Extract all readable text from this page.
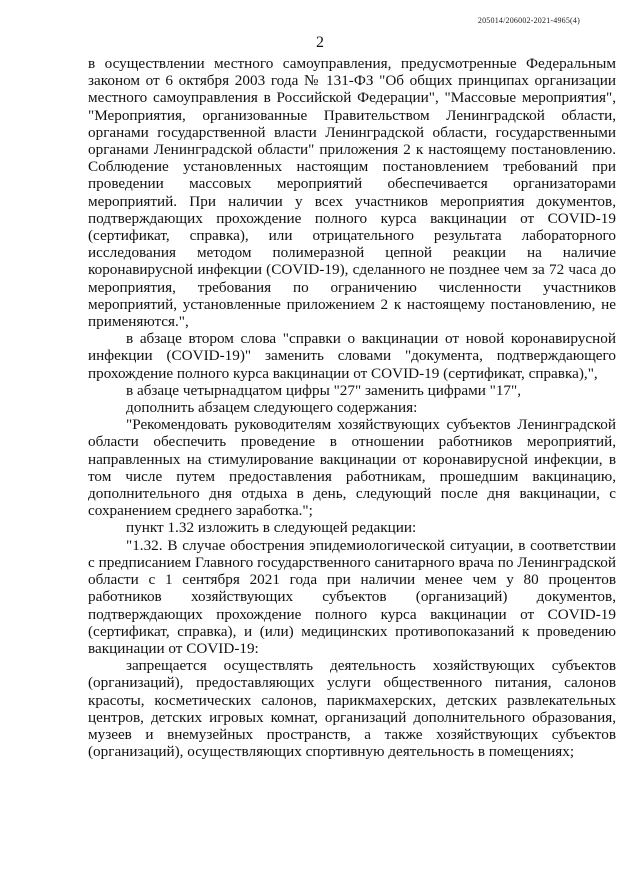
205014/206002-2021-4965(4)
2

в осуществлении местного самоуправления, предусмотренные Федеральным законом от 6 октября 2003 года № 131-ФЗ "Об общих принципах организации местного самоуправления в Российской Федерации", "Массовые мероприятия", "Мероприятия, организованные Правительством Ленинградской области, органами государственной власти Ленинградской области, государственными органами Ленинградской области" приложения 2 к настоящему постановлению. Соблюдение установленных настоящим постановлением требований при проведении массовых мероприятий обеспечивается организаторами мероприятий. При наличии у всех участников мероприятия документов, подтверждающих прохождение полного курса вакцинации от COVID-19 (сертификат, справка), или отрицательного результата лабораторного исследования методом полимеразной цепной реакции на наличие коронавирусной инфекции (COVID-19), сделанного не позднее чем за 72 часа до мероприятия, требования по ограничению численности участников мероприятий, установленные приложением 2 к настоящему постановлению, не применяются.",

в абзаце втором слова "справки о вакцинации от новой коронавирусной инфекции (COVID-19)" заменить словами "документа, подтверждающего прохождение полного курса вакцинации от COVID-19 (сертификат, справка),",

в абзаце четырнадцатом цифры "27" заменить цифрами "17",

дополнить абзацем следующего содержания:

"Рекомендовать руководителям хозяйствующих субъектов Ленинградской области обеспечить проведение в отношении работников мероприятий, направленных на стимулирование вакцинации от коронавирусной инфекции, в том числе путем предоставления работникам, прошедшим вакцинацию, дополнительного дня отдыха в день, следующий после дня вакцинации, с сохранением среднего заработка.";

пункт 1.32 изложить в следующей редакции:

"1.32. В случае обострения эпидемиологической ситуации, в соответствии с предписанием Главного государственного санитарного врача по Ленинградской области с 1 сентября 2021 года при наличии менее чем у 80 процентов работников хозяйствующих субъектов (организаций) документов, подтверждающих прохождение полного курса вакцинации от COVID-19 (сертификат, справка), и (или) медицинских противопоказаний к проведению вакцинации от COVID-19:

запрещается осуществлять деятельность хозяйствующих субъектов (организаций), предоставляющих услуги общественного питания, салонов красоты, косметических салонов, парикмахерских, детских развлекательных центров, детских игровых комнат, организаций дополнительного образования, музеев и внемузейных пространств, а также хозяйствующих субъектов (организаций), осуществляющих спортивную деятельность в помещениях;
